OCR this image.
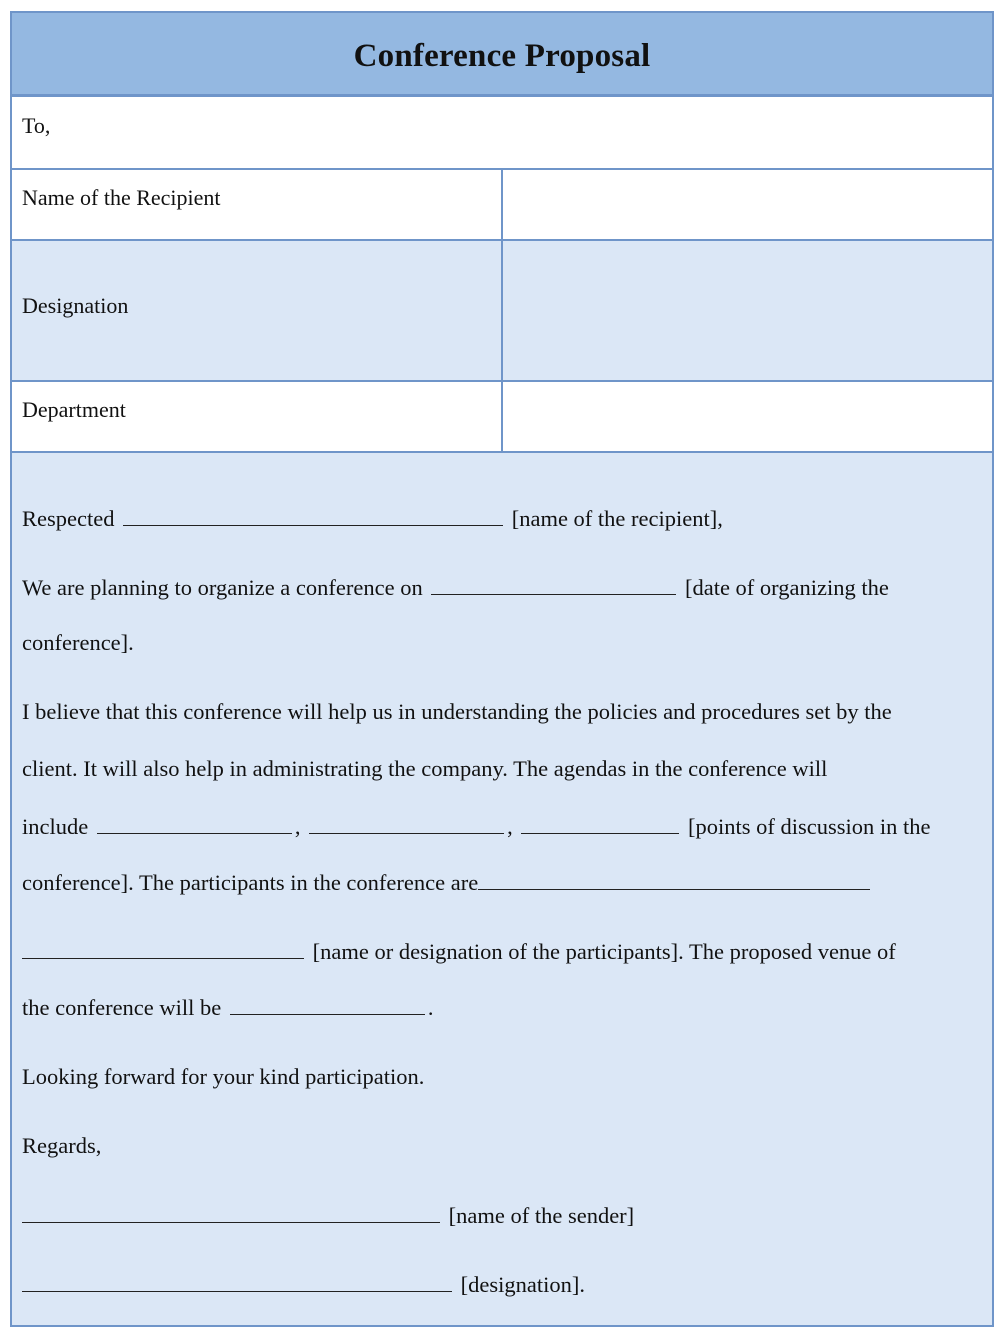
Conference Proposal
To,
Name of the Recipient
Designation
Department
Respected	[name of the recipient],
We are planning to organize a conference on	[date of organizing the
conference].
I believe that this conference will help us in understanding the policies and procedures set by the
client. It will also help in administrating the company. The agendas in the conference will
include	,	,	[points of discussion in the
conference]. The participants in the conference are
[name or designation of the participants]. The proposed venue of
the conference will be	.
Looking forward for your kind participation.
Regards,
[name of the sender]
[designation].
